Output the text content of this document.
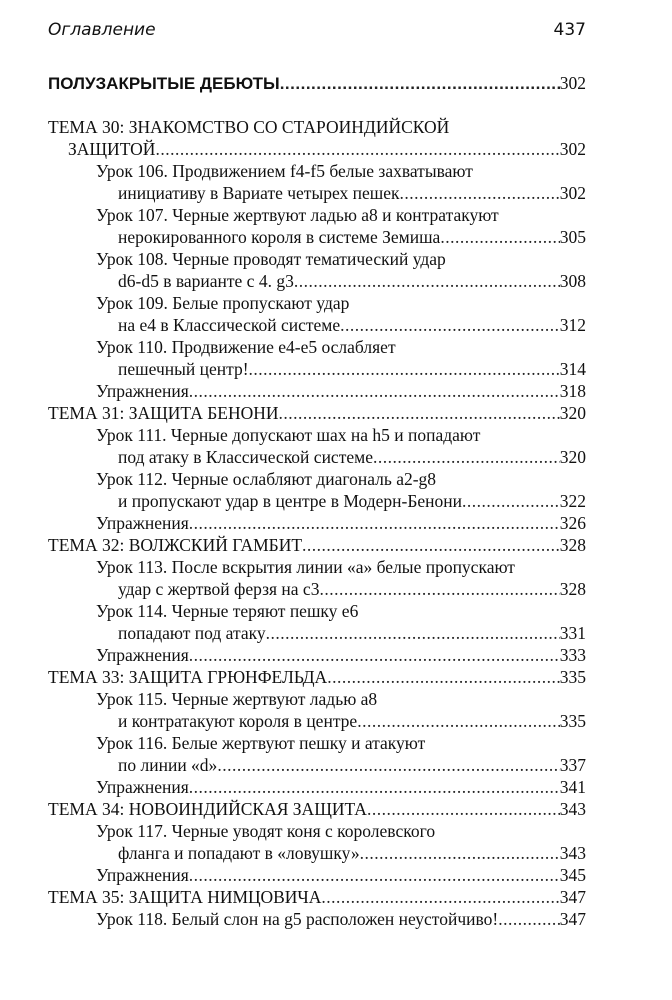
Оглавление	437
ПОЛУЗАКРЫТЫЕ ДЕБЮТЫ .....	302
ТЕМА 30: ЗНАКОМСТВО СО СТАРОИНДИЙСКОЙ
ЗАЩИТОЙ .....	302
Урок 106. Продвижением f4-f5 белые захватывают
инициативу в Вариате четырех пешек .....	302
Урок 107. Черные жертвуют ладью a8 и контратакуют
нерокированного короля в системе Земиша .....	305
Урок 108. Черные проводят тематический удар
d6-d5 в варианте с 4. g3 .....	308
Урок 109. Белые пропускают удар
на е4 в Классической системе .....	312
Урок 110. Продвижение е4-е5 ослабляет
пешечный центр! .....	314
Упражнения .....	318
ТЕМА 31: ЗАЩИТА БЕНОНИ .....	320
Урок 111. Черные допускают шах на h5 и попадают
под атаку в Классической системе .....	320
Урок 112. Черные ослабляют диагональ a2-g8
и пропускают удар в центре в Модерн-Бенони .....	322
Упражнения .....	326
ТЕМА 32: ВОЛЖСКИЙ ГАМБИТ .....	328
Урок 113. После вскрытия линии «а» белые пропускают
удар с жертвой ферзя на с3 .....	328
Урок 114. Черные теряют пешку е6
попадают под атаку .....	331
Упражнения .....	333
ТЕМА 33: ЗАЩИТА ГРЮНФЕЛЬДА .....	335
Урок 115. Черные жертвуют ладью a8
и контратакуют короля в центре .....	335
Урок 116. Белые жертвуют пешку и атакуют
по линии «d» .....	337
Упражнения .....	341
ТЕМА 34: НОВОИНДИЙСКАЯ ЗАЩИТА .....	343
Урок 117. Черные уводят коня с королевского
фланга и попадают в «ловушку» .....	343
Упражнения .....	345
ТЕМА 35: ЗАЩИТА НИМЦОВИЧА .....	347
Урок 118. Белый слон на g5 расположен неустойчиво! .....	347
